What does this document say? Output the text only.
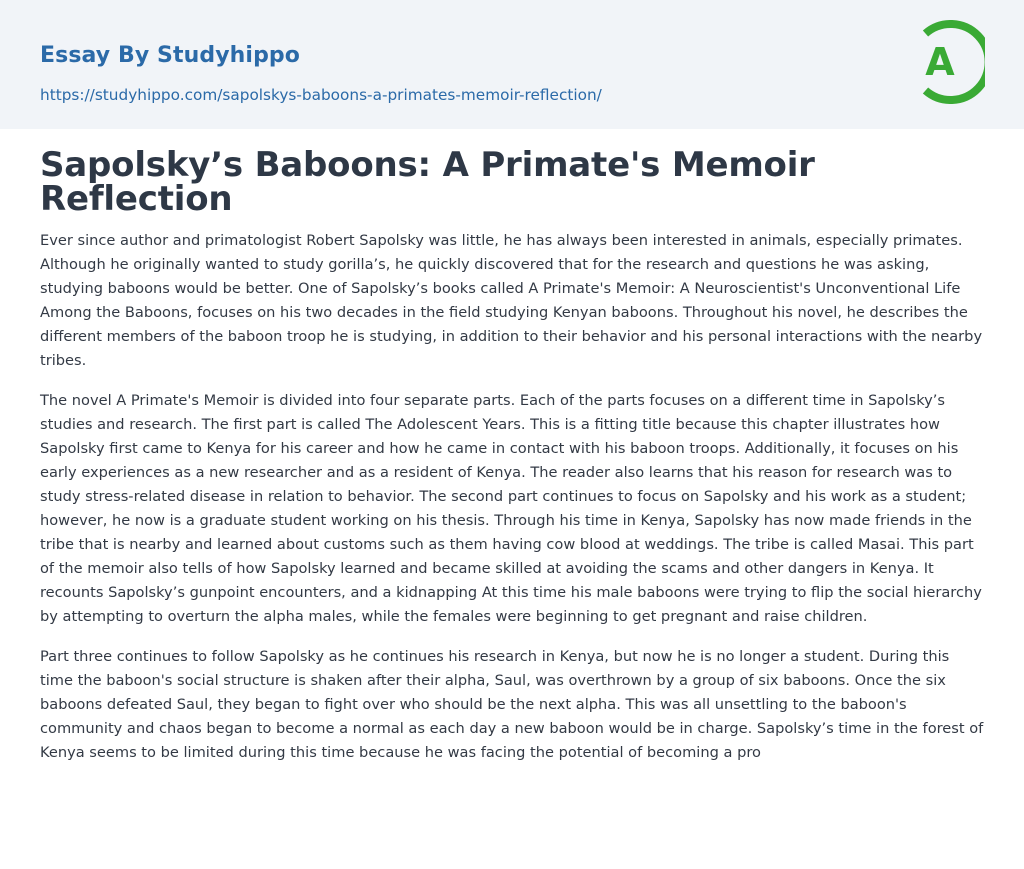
Essay By Studyhippo
https://studyhippo.com/sapolskys-baboons-a-primates-memoir-reflection/
A
Sapolsky’s Baboons: A Primate's Memoir Reflection

Ever since author and primatologist Robert Sapolsky was little, he has always been interested in animals, especially primates. Although he originally wanted to study gorilla’s, he quickly discovered that for the research and questions he was asking, studying baboons would be better. One of Sapolsky’s books called A Primate's Memoir: A Neuroscientist's Unconventional Life Among the Baboons, focuses on his two decades in the field studying Kenyan baboons. Throughout his novel, he describes the different members of the baboon troop he is studying, in addition to their behavior and his personal interactions with the nearby tribes.

The novel A Primate's Memoir is divided into four separate parts. Each of the parts focuses on a different time in Sapolsky’s studies and research. The first part is called The Adolescent Years. This is a fitting title because this chapter illustrates how Sapolsky first came to Kenya for his career and how he came in contact with his baboon troops. Additionally, it focuses on his early experiences as a new researcher and as a resident of Kenya. The reader also learns that his reason for research was to study stress-related disease in relation to behavior. The second part continues to focus on Sapolsky and his work as a student; however, he now is a graduate student working on his thesis. Through his time in Kenya, Sapolsky has now made friends in the tribe that is nearby and learned about customs such as them having cow blood at weddings. The tribe is called Masai. This part of the memoir also tells of how Sapolsky learned and became skilled at avoiding the scams and other dangers in Kenya. It recounts Sapolsky’s gunpoint encounters, and a kidnapping At this time his male baboons were trying to flip the social hierarchy by attempting to overturn the alpha males, while the females were beginning to get pregnant and raise children.

Part three continues to follow Sapolsky as he continues his research in Kenya, but now he is no longer a student. During this time the baboon's social structure is shaken after their alpha, Saul, was overthrown by a group of six baboons. Once the six baboons defeated Saul, they began to fight over who should be the next alpha. This was all unsettling to the baboon's community and chaos began to become a normal as each day a new baboon would be in charge. Sapolsky’s time in the forest of Kenya seems to be limited during this time because he was facing the potential of becoming a pro
